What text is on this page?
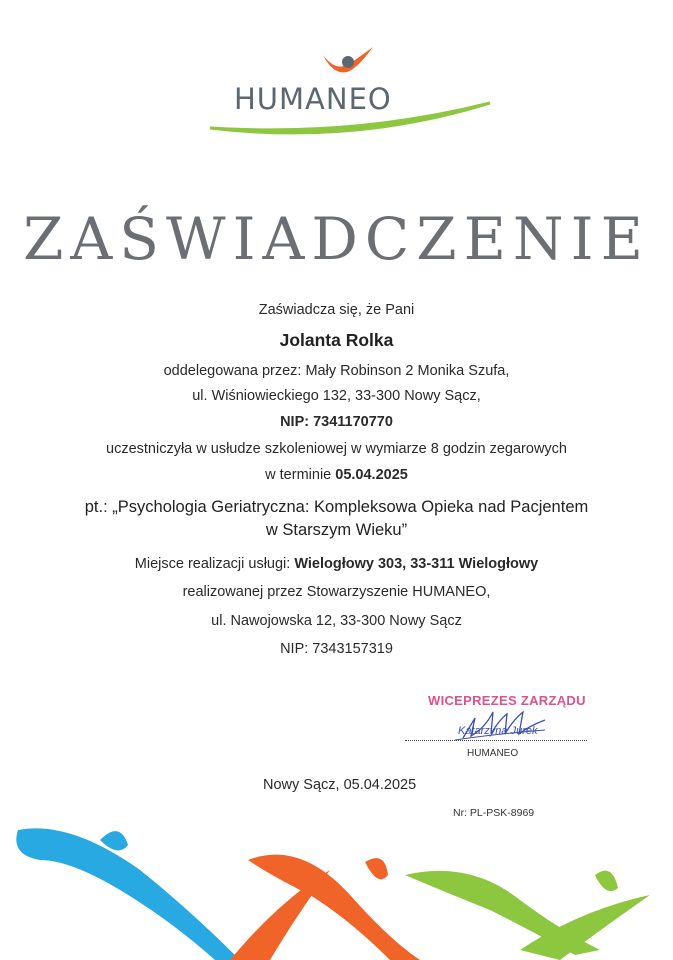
HUMANEO
ZAŚWIADCZENIE
Zaświadcza się, że Pani
Jolanta Rolka
oddelegowana przez: Mały Robinson 2 Monika Szufa,
ul. Wiśniowieckiego 132, 33-300 Nowy Sącz,
NIP: 7341170770
uczestniczyła w usłudze szkoleniowej w wymiarze 8 godzin zegarowych
w terminie 05.04.2025
pt.: „Psychologia Geriatryczna: Kompleksowa Opieka nad Pacjentem
w Starszym Wieku”
Miejsce realizacji usługi: Wielogłowy 303, 33-311 Wielogłowy
realizowanej przez Stowarzyszenie HUMANEO,
ul. Nawojowska 12, 33-300 Nowy Sącz
NIP: 7343157319
WICEPREZES ZARZĄDU
Katarzyna Jurek
HUMANEO
Nowy Sącz, 05.04.2025
Nr: PL-PSK-8969
